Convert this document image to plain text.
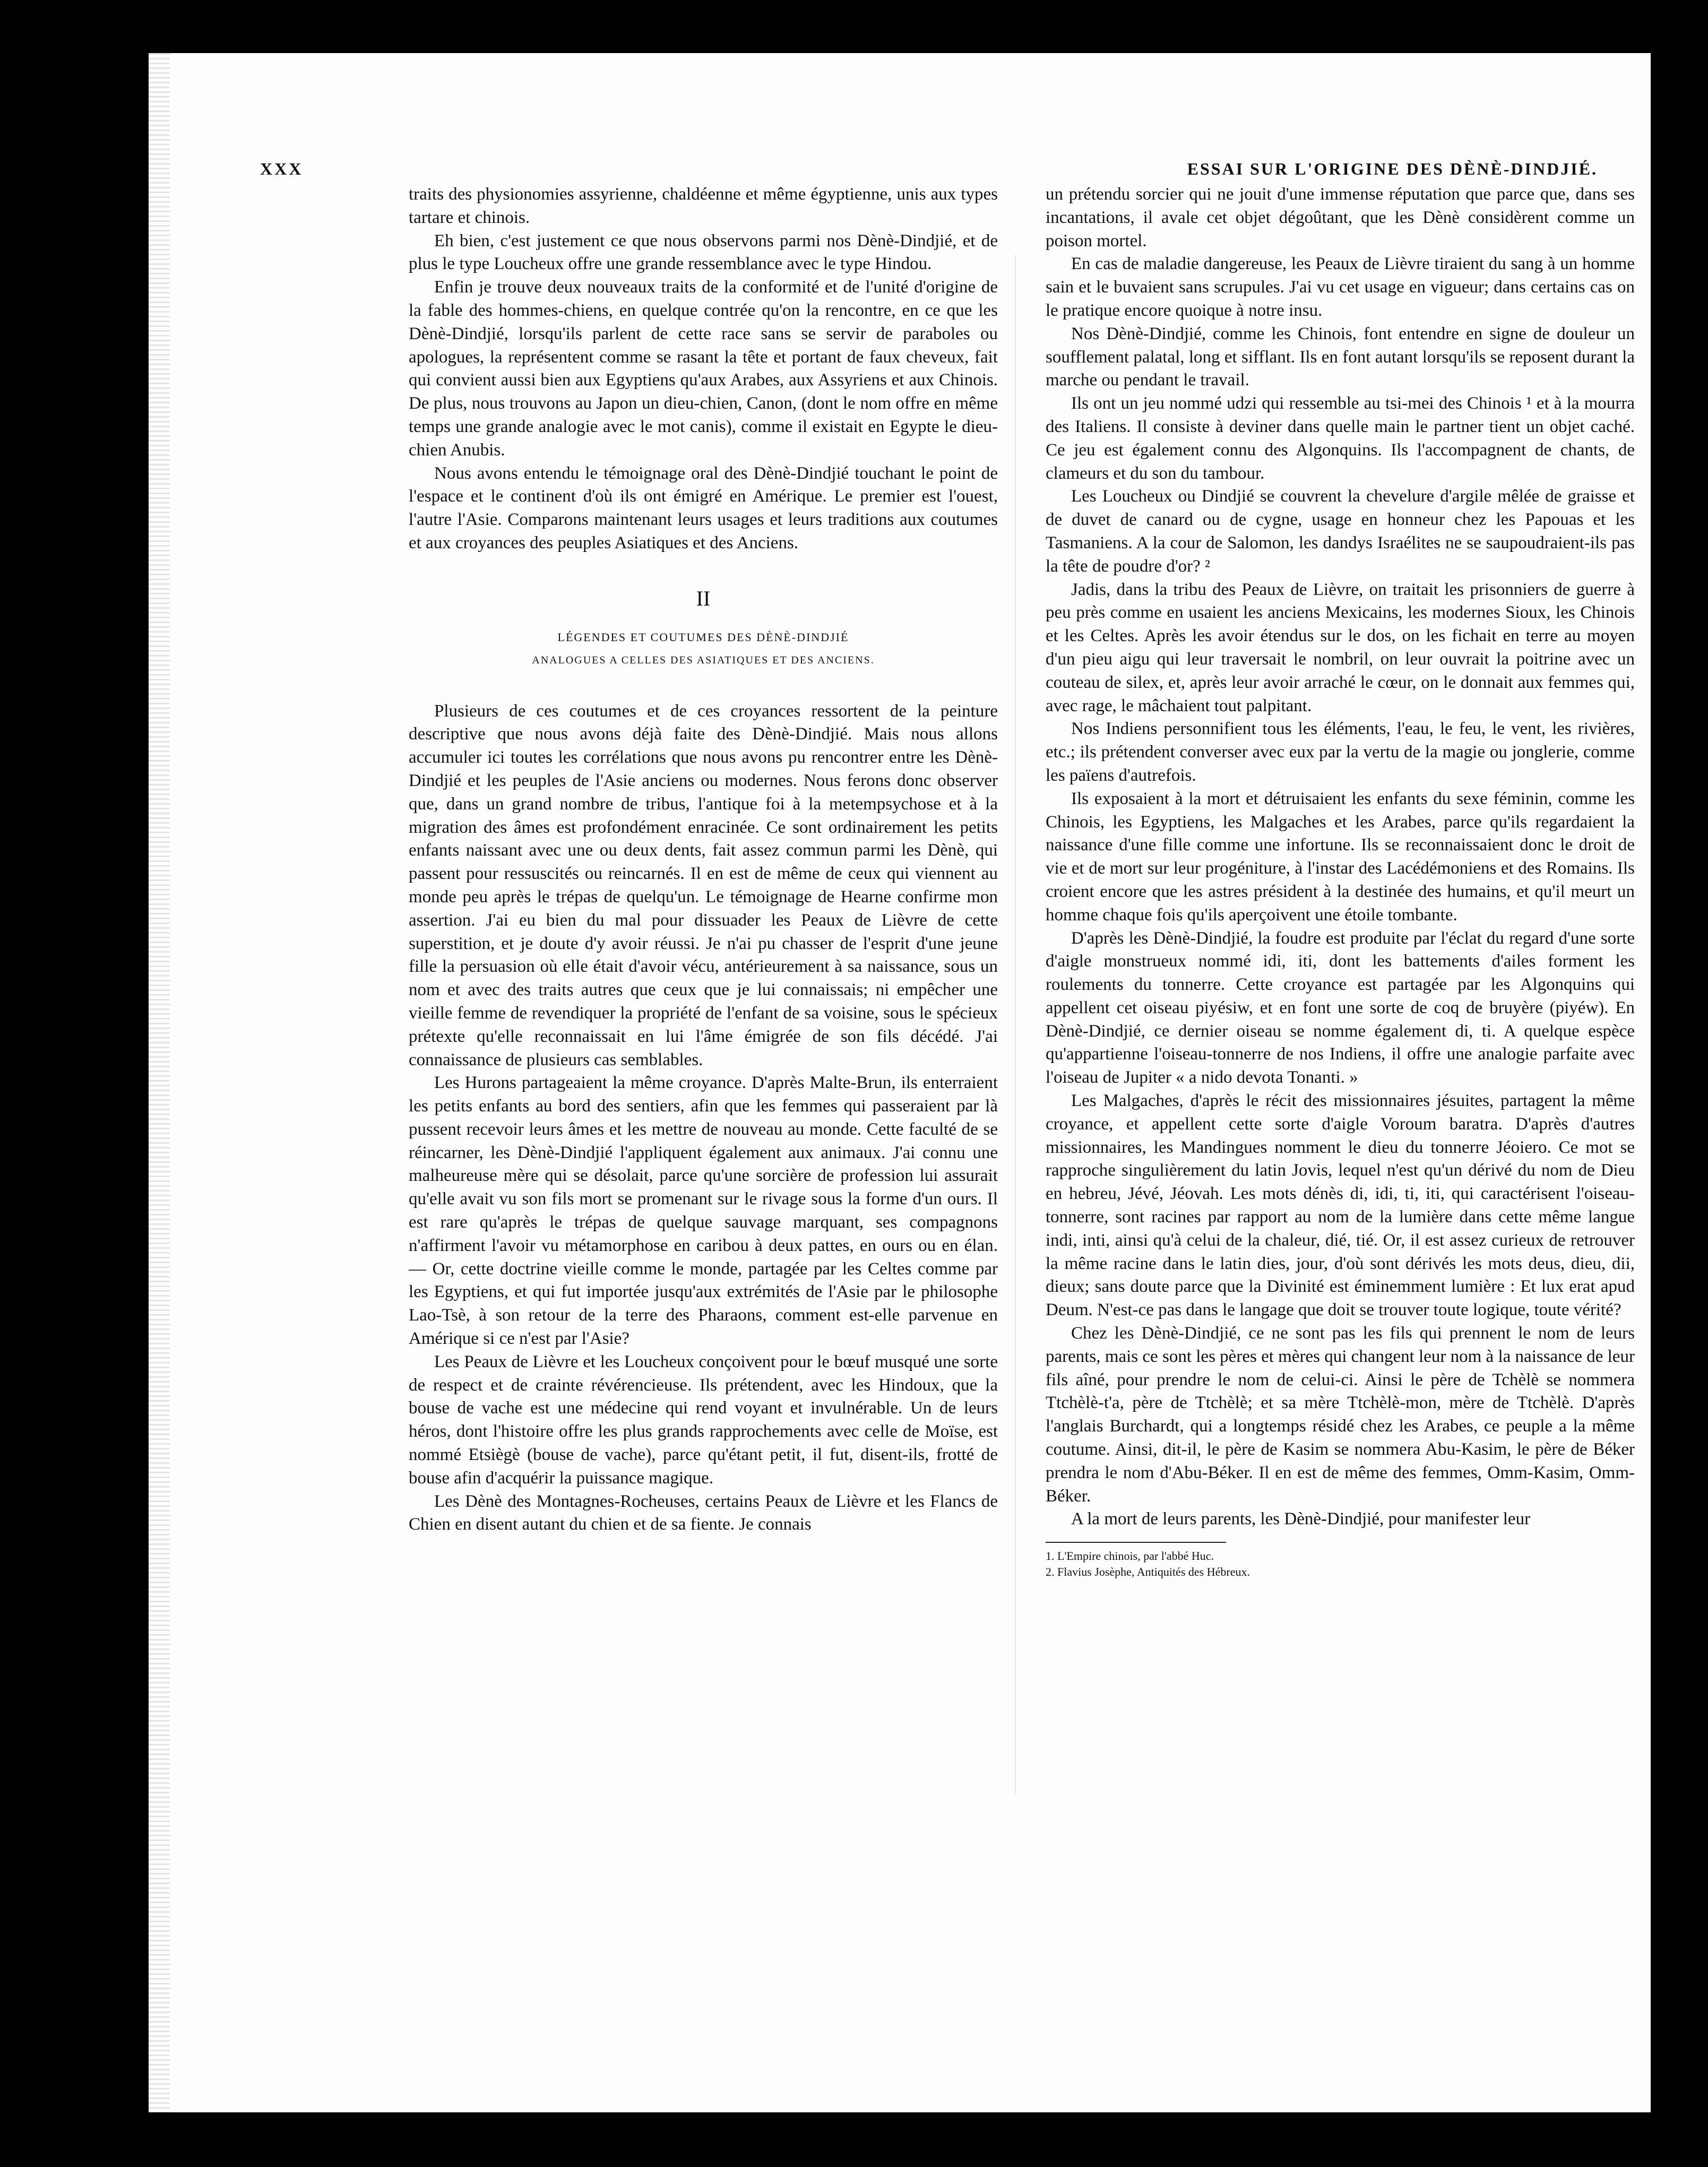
XXX	ESSAI SUR L'ORIGINE DES DÈNÈ-DINDJIÉ.

traits des physionomies assyrienne, chaldéenne et même égyptienne, unis aux types tartare et chinois.

Eh bien, c'est justement ce que nous observons parmi nos Dènè-Dindjié, et de plus le type Loucheux offre une grande ressemblance avec le type Hindou.

Enfin je trouve deux nouveaux traits de la conformité et de l'unité d'origine de la fable des hommes-chiens, en quelque contrée qu'on la rencontre, en ce que les Dènè-Dindjié, lorsqu'ils parlent de cette race sans se servir de paraboles ou apologues, la représentent comme se rasant la tête et portant de faux cheveux, fait qui convient aussi bien aux Egyptiens qu'aux Arabes, aux Assyriens et aux Chinois. De plus, nous trouvons au Japon un dieu-chien, Canon, (dont le nom offre en même temps une grande analogie avec le mot canis), comme il existait en Egypte le dieu-chien Anubis.

Nous avons entendu le témoignage oral des Dènè-Dindjié touchant le point de l'espace et le continent d'où ils ont émigré en Amérique. Le premier est l'ouest, l'autre l'Asie. Comparons maintenant leurs usages et leurs traditions aux coutumes et aux croyances des peuples Asiatiques et des Anciens.

II
LÉGENDES ET COUTUMES DES DÈNÈ-DINDJIÉ
ANALOGUES A CELLES DES ASIATIQUES ET DES ANCIENS.

Plusieurs de ces coutumes et de ces croyances ressortent de la peinture descriptive que nous avons déjà faite des Dènè-Dindjié. Mais nous allons accumuler ici toutes les corrélations que nous avons pu rencontrer entre les Dènè-Dindjié et les peuples de l'Asie anciens ou modernes. Nous ferons donc observer que, dans un grand nombre de tribus, l'antique foi à la metempsychose et à la migration des âmes est profondément enracinée. Ce sont ordinairement les petits enfants naissant avec une ou deux dents, fait assez commun parmi les Dènè, qui passent pour ressuscités ou reincarnés. Il en est de même de ceux qui viennent au monde peu après le trépas de quelqu'un. Le témoignage de Hearne confirme mon assertion. J'ai eu bien du mal pour dissuader les Peaux de Lièvre de cette superstition, et je doute d'y avoir réussi. Je n'ai pu chasser de l'esprit d'une jeune fille la persuasion où elle était d'avoir vécu, antérieurement à sa naissance, sous un nom et avec des traits autres que ceux que je lui connaissais; ni empêcher une vieille femme de revendiquer la propriété de l'enfant de sa voisine, sous le spécieux prétexte qu'elle reconnaissait en lui l'âme émigrée de son fils décédé. J'ai connaissance de plusieurs cas semblables.

Les Hurons partageaient la même croyance. D'après Malte-Brun, ils enterraient les petits enfants au bord des sentiers, afin que les femmes qui passeraient par là pussent recevoir leurs âmes et les mettre de nouveau au monde. Cette faculté de se réincarner, les Dènè-Dindjié l'appliquent également aux animaux. J'ai connu une malheureuse mère qui se désolait, parce qu'une sorcière de profession lui assurait qu'elle avait vu son fils mort se promenant sur le rivage sous la forme d'un ours. Il est rare qu'après le trépas de quelque sauvage marquant, ses compagnons n'affirment l'avoir vu métamorphose en caribou à deux pattes, en ours ou en élan. — Or, cette doctrine vieille comme le monde, partagée par les Celtes comme par les Egyptiens, et qui fut importée jusqu'aux extrémités de l'Asie par le philosophe Lao-Tsè, à son retour de la terre des Pharaons, comment est-elle parvenue en Amérique si ce n'est par l'Asie?

Les Peaux de Lièvre et les Loucheux conçoivent pour le bœuf musqué une sorte de respect et de crainte révérencieuse. Ils prétendent, avec les Hindoux, que la bouse de vache est une médecine qui rend voyant et invulnérable. Un de leurs héros, dont l'histoire offre les plus grands rapprochements avec celle de Moïse, est nommé Etsiègè (bouse de vache), parce qu'étant petit, il fut, disent-ils, frotté de bouse afin d'acquérir la puissance magique.

Les Dènè des Montagnes-Rocheuses, certains Peaux de Lièvre et les Flancs de Chien en disent autant du chien et de sa fiente. Je connais

un prétendu sorcier qui ne jouit d'une immense réputation que parce que, dans ses incantations, il avale cet objet dégoûtant, que les Dènè considèrent comme un poison mortel.

En cas de maladie dangereuse, les Peaux de Lièvre tiraient du sang à un homme sain et le buvaient sans scrupules. J'ai vu cet usage en vigueur; dans certains cas on le pratique encore quoique à notre insu.

Nos Dènè-Dindjié, comme les Chinois, font entendre en signe de douleur un soufflement palatal, long et sifflant. Ils en font autant lorsqu'ils se reposent durant la marche ou pendant le travail.

Ils ont un jeu nommé udzi qui ressemble au tsi-mei des Chinois ¹ et à la mourra des Italiens. Il consiste à deviner dans quelle main le partner tient un objet caché. Ce jeu est également connu des Algonquins. Ils l'accompagnent de chants, de clameurs et du son du tambour.

Les Loucheux ou Dindjié se couvrent la chevelure d'argile mêlée de graisse et de duvet de canard ou de cygne, usage en honneur chez les Papouas et les Tasmaniens. A la cour de Salomon, les dandys Israélites ne se saupoudraient-ils pas la tête de poudre d'or? ²

Jadis, dans la tribu des Peaux de Lièvre, on traitait les prisonniers de guerre à peu près comme en usaient les anciens Mexicains, les modernes Sioux, les Chinois et les Celtes. Après les avoir étendus sur le dos, on les fichait en terre au moyen d'un pieu aigu qui leur traversait le nombril, on leur ouvrait la poitrine avec un couteau de silex, et, après leur avoir arraché le cœur, on le donnait aux femmes qui, avec rage, le mâchaient tout palpitant.

Nos Indiens personnifient tous les éléments, l'eau, le feu, le vent, les rivières, etc.; ils prétendent converser avec eux par la vertu de la magie ou jonglerie, comme les païens d'autrefois.

Ils exposaient à la mort et détruisaient les enfants du sexe féminin, comme les Chinois, les Egyptiens, les Malgaches et les Arabes, parce qu'ils regardaient la naissance d'une fille comme une infortune. Ils se reconnaissaient donc le droit de vie et de mort sur leur progéniture, à l'instar des Lacédémoniens et des Romains. Ils croient encore que les astres président à la destinée des humains, et qu'il meurt un homme chaque fois qu'ils aperçoivent une étoile tombante.

D'après les Dènè-Dindjié, la foudre est produite par l'éclat du regard d'une sorte d'aigle monstrueux nommé idi, iti, dont les battements d'ailes forment les roulements du tonnerre. Cette croyance est partagée par les Algonquins qui appellent cet oiseau piyésiw, et en font une sorte de coq de bruyère (piyéw). En Dènè-Dindjié, ce dernier oiseau se nomme également di, ti. A quelque espèce qu'appartienne l'oiseau-tonnerre de nos Indiens, il offre une analogie parfaite avec l'oiseau de Jupiter « a nido devota Tonanti. »

Les Malgaches, d'après le récit des missionnaires jésuites, partagent la même croyance, et appellent cette sorte d'aigle Voroum baratra. D'après d'autres missionnaires, les Mandingues nomment le dieu du tonnerre Jéoiero. Ce mot se rapproche singulièrement du latin Jovis, lequel n'est qu'un dérivé du nom de Dieu en hebreu, Jévé, Jéovah. Les mots dénès di, idi, ti, iti, qui caractérisent l'oiseau-tonnerre, sont racines par rapport au nom de la lumière dans cette même langue indi, inti, ainsi qu'à celui de la chaleur, dié, tié. Or, il est assez curieux de retrouver la même racine dans le latin dies, jour, d'où sont dérivés les mots deus, dieu, dii, dieux; sans doute parce que la Divinité est éminemment lumière : Et lux erat apud Deum. N'est-ce pas dans le langage que doit se trouver toute logique, toute vérité?

Chez les Dènè-Dindjié, ce ne sont pas les fils qui prennent le nom de leurs parents, mais ce sont les pères et mères qui changent leur nom à la naissance de leur fils aîné, pour prendre le nom de celui-ci. Ainsi le père de Tchèlè se nommera Ttchèlè-t'a, père de Ttchèlè; et sa mère Ttchèlè-mon, mère de Ttchèlè. D'après l'anglais Burchardt, qui a longtemps résidé chez les Arabes, ce peuple a la même coutume. Ainsi, dit-il, le père de Kasim se nommera Abu-Kasim, le père de Béker prendra le nom d'Abu-Béker. Il en est de même des femmes, Omm-Kasim, Omm-Béker.

A la mort de leurs parents, les Dènè-Dindjié, pour manifester leur

1. L'Empire chinois, par l'abbé Huc.
2. Flavius Josèphe, Antiquités des Hébreux.
